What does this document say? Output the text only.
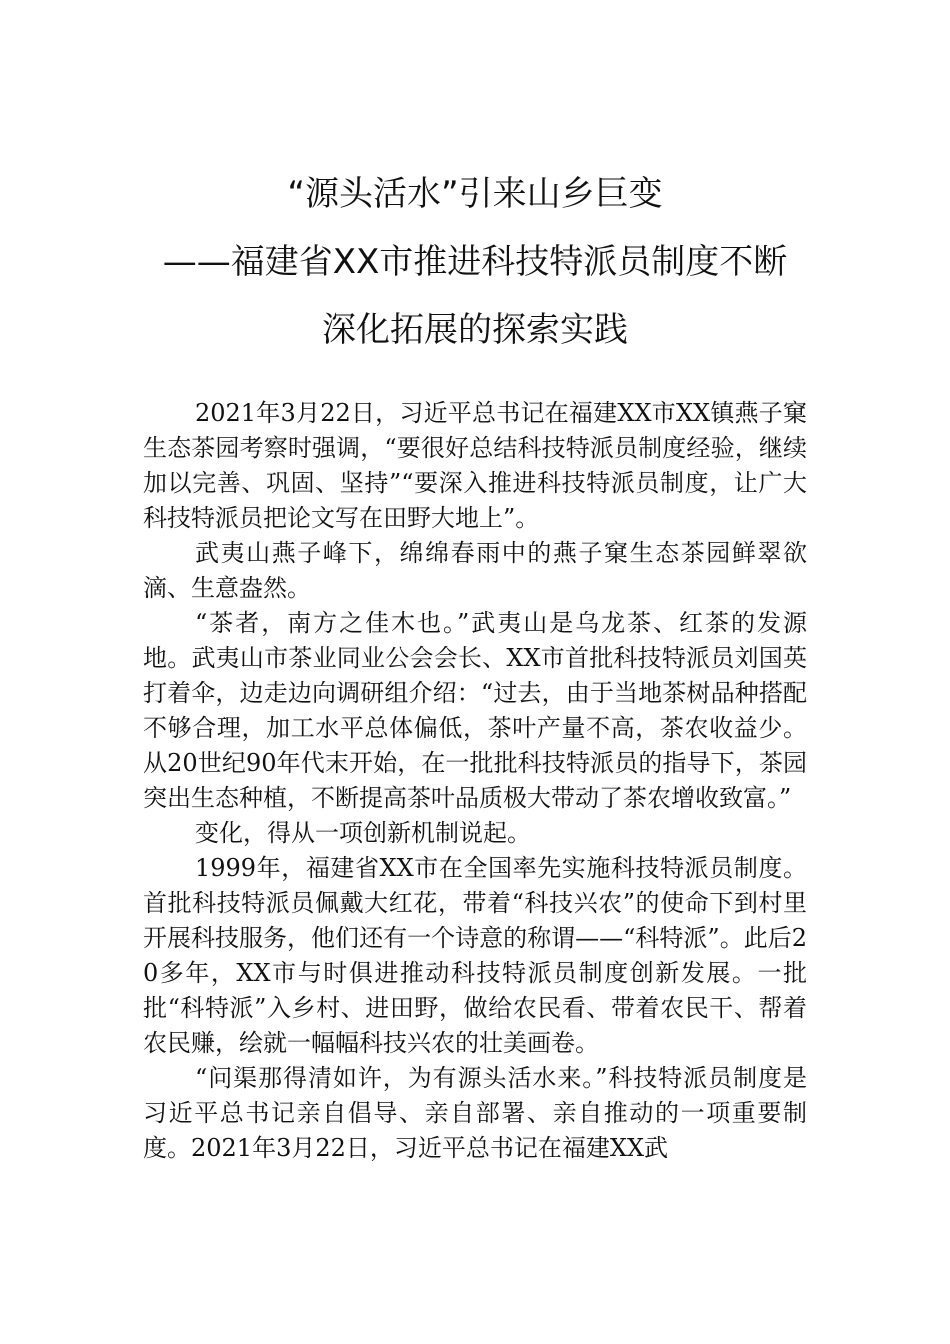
“源头活水”引来山乡巨变
——福建省XX市推进科技特派员制度不断
深化拓展的探索实践

2021年3月22日，习近平总书记在福建XX市XX镇燕子窠生态茶园考察时强调，“要很好总结科技特派员制度经验，继续加以完善、巩固、坚持”“要深入推进科技特派员制度，让广大科技特派员把论文写在田野大地上”。

武夷山燕子峰下，绵绵春雨中的燕子窠生态茶园鲜翠欲滴、生意盎然。

“茶者，南方之佳木也。”武夷山是乌龙茶、红茶的发源地。武夷山市茶业同业公会会长、XX市首批科技特派员刘国英打着伞，边走边向调研组介绍：“过去，由于当地茶树品种搭配不够合理，加工水平总体偏低，茶叶产量不高，茶农收益少。从20世纪90年代末开始，在一批批科技特派员的指导下，茶园突出生态种植，不断提高茶叶品质极大带动了茶农增收致富。”

变化，得从一项创新机制说起。

1999年，福建省XX市在全国率先实施科技特派员制度。首批科技特派员佩戴大红花，带着“科技兴农”的使命下到村里开展科技服务，他们还有一个诗意的称谓——“科特派”。此后20多年，XX市与时俱进推动科技特派员制度创新发展。一批批“科特派”入乡村、进田野，做给农民看、带着农民干、帮着农民赚，绘就一幅幅科技兴农的壮美画卷。

“问渠那得清如许，为有源头活水来。”科技特派员制度是习近平总书记亲自倡导、亲自部署、亲自推动的一项重要制度。2021年3月22日，习近平总书记在福建XX武
